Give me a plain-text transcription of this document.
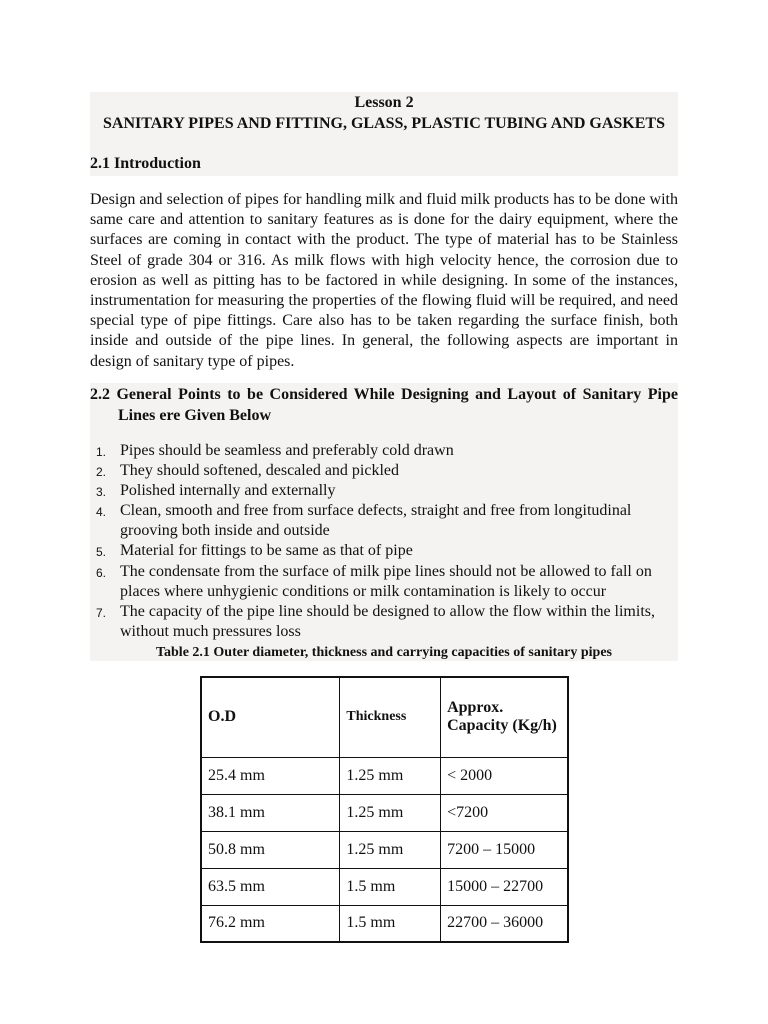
Lesson 2
SANITARY PIPES AND FITTING, GLASS, PLASTIC TUBING AND GASKETS
2.1 Introduction
Design and selection of pipes for handling milk and fluid milk products has to be done with same care and attention to sanitary features as is done for the dairy equipment, where the surfaces are coming in contact with the product. The type of material has to be Stainless Steel of grade 304 or 316. As milk flows with high velocity hence, the corrosion due to erosion as well as pitting has to be factored in while designing. In some of the instances, instrumentation for measuring the properties of the flowing fluid will be required, and need special type of pipe fittings. Care also has to be taken regarding the surface finish, both inside and outside of the pipe lines. In general, the following aspects are important in design of sanitary type of pipes.
2.2 General Points to be Considered While Designing and Layout of Sanitary Pipe Lines ere Given Below
1. Pipes should be seamless and preferably cold drawn
2. They should softened, descaled and pickled
3. Polished internally and externally
4. Clean, smooth and free from surface defects, straight and free from longitudinal grooving both inside and outside
5. Material for fittings to be same as that of pipe
6. The condensate from the surface of milk pipe lines should not be allowed to fall on places where unhygienic conditions or milk contamination is likely to occur
7. The capacity of the pipe line should be designed to allow the flow within the limits, without much pressures loss
Table 2.1 Outer diameter, thickness and carrying capacities of sanitary pipes
O.D	Thickness	Approx. Capacity (Kg/h)
25.4 mm	1.25 mm	< 2000
38.1 mm	1.25 mm	<7200
50.8 mm	1.25 mm	7200 – 15000
63.5 mm	1.5 mm	15000 – 22700
76.2 mm	1.5 mm	22700 – 36000
